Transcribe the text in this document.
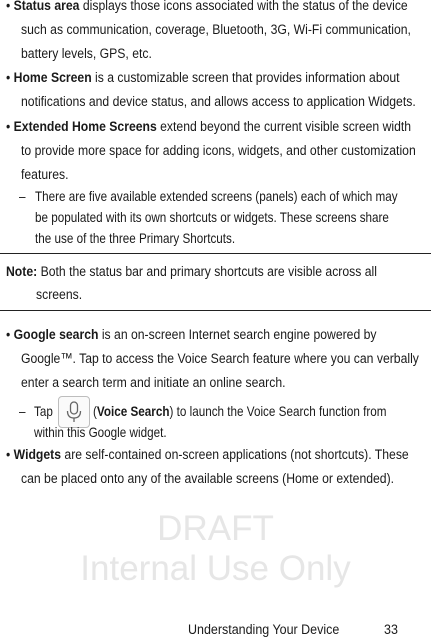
• Status area displays those icons associated with the status of the device
such as communication, coverage, Bluetooth, 3G, Wi-Fi communication,
battery levels, GPS, etc.
• Home Screen is a customizable screen that provides information about
notifications and device status, and allows access to application Widgets.
• Extended Home Screens extend beyond the current visible screen width
to provide more space for adding icons, widgets, and other customization
features.
– There are five available extended screens (panels) each of which may
be populated with its own shortcuts or widgets. These screens share
the use of the three Primary Shortcuts.
Note: Both the status bar and primary shortcuts are visible across all
screens.
• Google search is an on-screen Internet search engine powered by
Google™. Tap to access the Voice Search feature where you can verbally
enter a search term and initiate an online search.
– Tap	(Voice Search) to launch the Voice Search function from
within this Google widget.
• Widgets are self-contained on-screen applications (not shortcuts). These
can be placed onto any of the available screens (Home or extended).
DRAFT
Internal Use Only
Understanding Your Device	33
